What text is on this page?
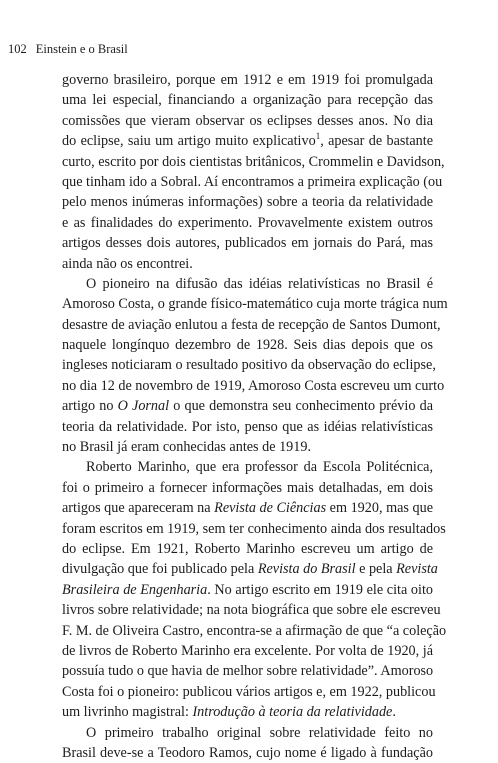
102 Einstein e o Brasil
governo brasileiro, porque em 1912 e em 1919 foi promulgada
uma lei especial, financiando a organização para recepção das
comissões que vieram observar os eclipses desses anos. No dia
do eclipse, saiu um artigo muito explicativo$^1$, apesar de bastante
curto, escrito por dois cientistas britânicos, Crommelin e Davidson,
que tinham ido a Sobral. Aí encontramos a primeira explicação (ou
pelo menos inúmeras informações) sobre a teoria da relatividade
e as finalidades do experimento. Provavelmente existem outros
artigos desses dois autores, publicados em jornais do Pará, mas
ainda não os encontrei.
O pioneiro na difusão das idéias relativísticas no Brasil é
Amoroso Costa, o grande físico-matemático cuja morte trágica num
desastre de aviação enlutou a festa de recepção de Santos Dumont,
naquele longínquo dezembro de 1928. Seis dias depois que os
ingleses noticiaram o resultado positivo da observação do eclipse,
no dia 12 de novembro de 1919, Amoroso Costa escreveu um curto
artigo no O Jornal o que demonstra seu conhecimento prévio da
teoria da relatividade. Por isto, penso que as idéias relativísticas
no Brasil já eram conhecidas antes de 1919.
Roberto Marinho, que era professor da Escola Politécnica,
foi o primeiro a fornecer informações mais detalhadas, em dois
artigos que apareceram na Revista de Ciências em 1920, mas que
foram escritos em 1919, sem ter conhecimento ainda dos resultados
do eclipse. Em 1921, Roberto Marinho escreveu um artigo de
divulgação que foi publicado pela Revista do Brasil e pela Revista
Brasileira de Engenharia. No artigo escrito em 1919 ele cita oito
livros sobre relatividade; na nota biográfica que sobre ele escreveu
F. M. de Oliveira Castro, encontra-se a afirmação de que “a coleção
de livros de Roberto Marinho era excelente. Por volta de 1920, já
possuía tudo o que havia de melhor sobre relatividade”. Amoroso
Costa foi o pioneiro: publicou vários artigos e, em 1922, publicou
um livrinho magistral: Introdução à teoria da relatividade.
O primeiro trabalho original sobre relatividade feito no
Brasil deve-se a Teodoro Ramos, cujo nome é ligado à fundação
